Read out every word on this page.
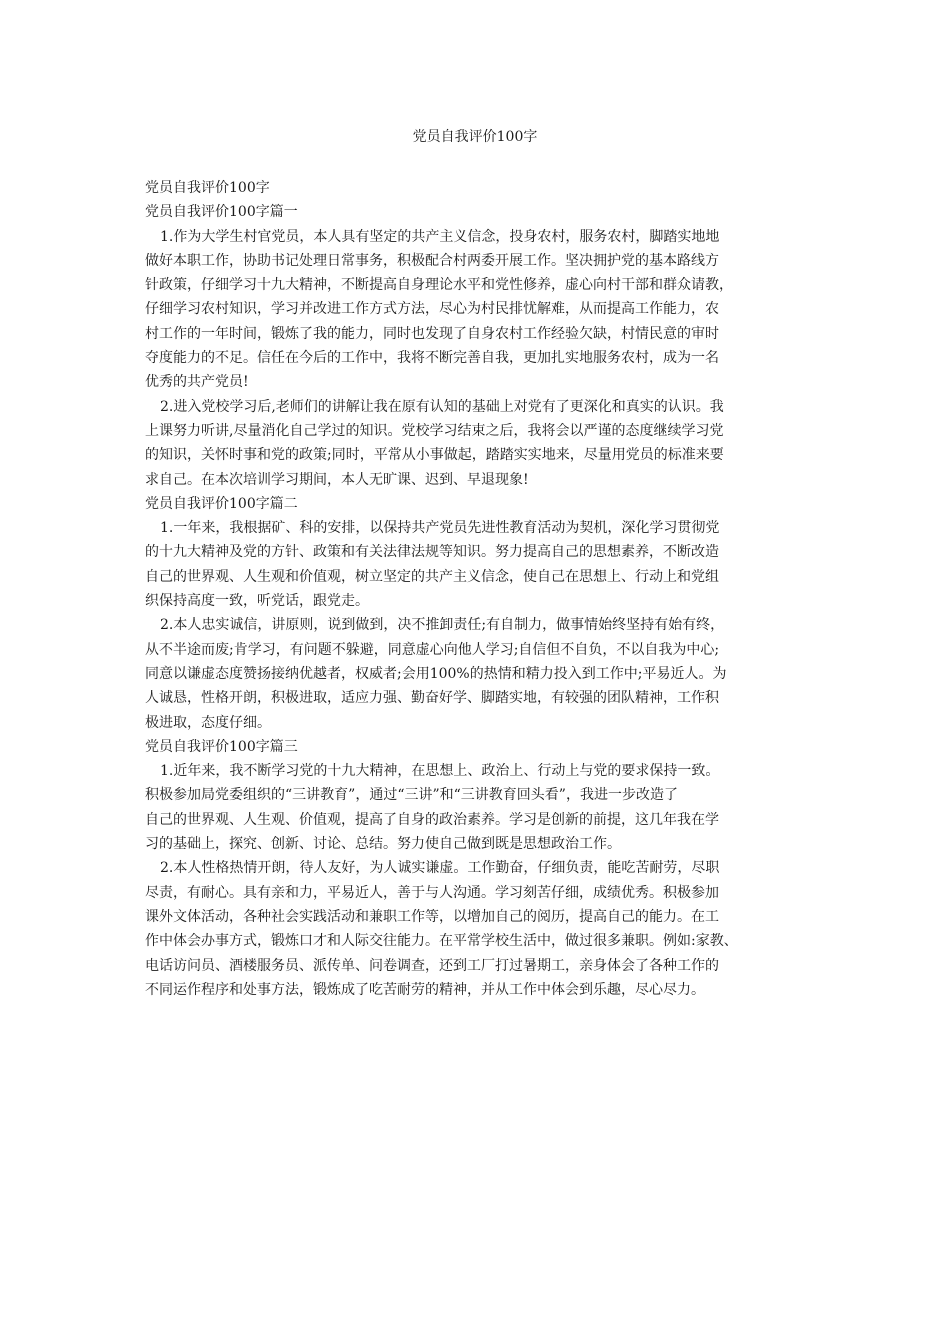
党员自我评价100字
党员自我评价100字
党员自我评价100字篇一
1.作为大学生村官党员，本人具有坚定的共产主义信念，投身农村，服务农村，脚踏实地地
做好本职工作，协助书记处理日常事务，积极配合村两委开展工作。坚决拥护党的基本路线方
针政策，仔细学习十九大精神，不断提高自身理论水平和党性修养，虚心向村干部和群众请教，
仔细学习农村知识，学习并改进工作方式方法，尽心为村民排忧解难，从而提高工作能力，农
村工作的一年时间，锻炼了我的能力，同时也发现了自身农村工作经验欠缺，村情民意的审时
夺度能力的不足。信任在今后的工作中，我将不断完善自我，更加扎实地服务农村，成为一名
优秀的共产党员!
2.进入党校学习后,老师们的讲解让我在原有认知的基础上对党有了更深化和真实的认识。我
上课努力听讲,尽量消化自己学过的知识。党校学习结束之后，我将会以严谨的态度继续学习党
的知识，关怀时事和党的政策;同时，平常从小事做起，踏踏实实地来，尽量用党员的标准来要
求自己。在本次培训学习期间，本人无旷课、迟到、早退现象!
党员自我评价100字篇二
1.一年来，我根据矿、科的安排，以保持共产党员先进性教育活动为契机，深化学习贯彻党
的十九大精神及党的方针、政策和有关法律法规等知识。努力提高自己的思想素养，不断改造
自己的世界观、人生观和价值观，树立坚定的共产主义信念，使自己在思想上、行动上和党组
织保持高度一致，听党话，跟党走。
2.本人忠实诚信，讲原则，说到做到，决不推卸责任;有自制力，做事情始终坚持有始有终，
从不半途而废;肯学习，有问题不躲避，同意虚心向他人学习;自信但不自负，不以自我为中心;
同意以谦虚态度赞扬接纳优越者，权威者;会用100%的热情和精力投入到工作中;平易近人。为
人诚恳，性格开朗，积极进取，适应力强、勤奋好学、脚踏实地，有较强的团队精神，工作积
极进取，态度仔细。
党员自我评价100字篇三
1.近年来，我不断学习党的十九大精神，在思想上、政治上、行动上与党的要求保持一致。
积极参加局党委组织的“三讲教育”，通过“三讲”和“三讲教育回头看”，我进一步改造了
自己的世界观、人生观、价值观，提高了自身的政治素养。学习是创新的前提，这几年我在学
习的基础上，探究、创新、讨论、总结。努力使自己做到既是思想政治工作。
2.本人性格热情开朗，待人友好，为人诚实谦虚。工作勤奋，仔细负责，能吃苦耐劳，尽职
尽责，有耐心。具有亲和力，平易近人，善于与人沟通。学习刻苦仔细，成绩优秀。积极参加
课外文体活动，各种社会实践活动和兼职工作等，以增加自己的阅历，提高自己的能力。在工
作中体会办事方式，锻炼口才和人际交往能力。在平常学校生活中，做过很多兼职。例如:家教、
电话访问员、酒楼服务员、派传单、问卷调查，还到工厂打过暑期工，亲身体会了各种工作的
不同运作程序和处事方法，锻炼成了吃苦耐劳的精神，并从工作中体会到乐趣，尽心尽力。
